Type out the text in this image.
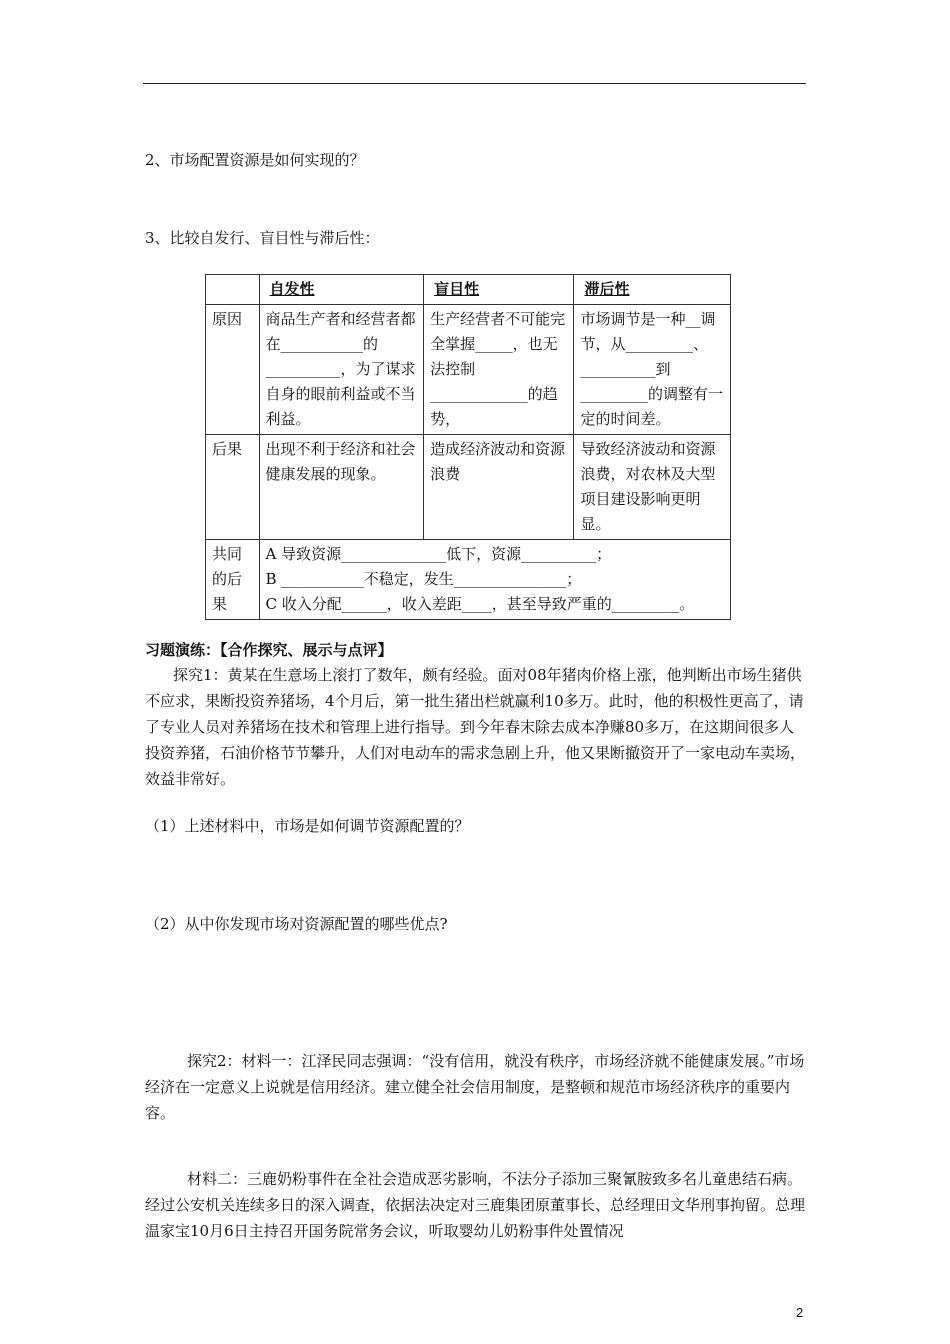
2、市场配置资源是如何实现的？
3、比较自发行、盲目性与滞后性：
	自发性	盲目性	滞后性
原因	商品生产者和经营者都在___________的__________，为了谋求自身的眼前利益或不当利益。	生产经营者不可能完全掌握_____，也无法控制_____________的趋势，	市场调节是一种__调节，从_________、__________到_________的调整有一定的时间差。
后果	出现不利于经济和社会健康发展的现象。	造成经济波动和资源浪费	导致经济波动和资源浪费，对农林及大型项目建设影响更明显。
共同的后果	A 导致资源______________低下，资源__________；
B ___________不稳定，发生_______________；
C 收入分配______，收入差距____，甚至导致严重的_________。		
习题演练：【合作探究、展示与点评】
探究1：黄某在生意场上滚打了数年，颇有经验。面对08年猪肉价格上涨，他判断出市场生猪供不应求，果断投资养猪场，4个月后，第一批生猪出栏就赢利10多万。此时，他的积极性更高了，请了专业人员对养猪场在技术和管理上进行指导。到今年春末除去成本净赚80多万，在这期间很多人投资养猪，石油价格节节攀升，人们对电动车的需求急剧上升，他又果断撤资开了一家电动车卖场，效益非常好。
（1）上述材料中，市场是如何调节资源配置的？
（2）从中你发现市场对资源配置的哪些优点?
探究2：材料一：江泽民同志强调：“没有信用，就没有秩序，市场经济就不能健康发展。”市场经济在一定意义上说就是信用经济。建立健全社会信用制度，是整顿和规范市场经济秩序的重要内容。
材料二：三鹿奶粉事件在全社会造成恶劣影响，不法分子添加三聚氰胺致多名儿童患结石病。经过公安机关连续多日的深入调查，依据法决定对三鹿集团原董事长、总经理田文华刑事拘留。总理温家宝10月6日主持召开国务院常务会议，听取婴幼儿奶粉事件处置情况
2
